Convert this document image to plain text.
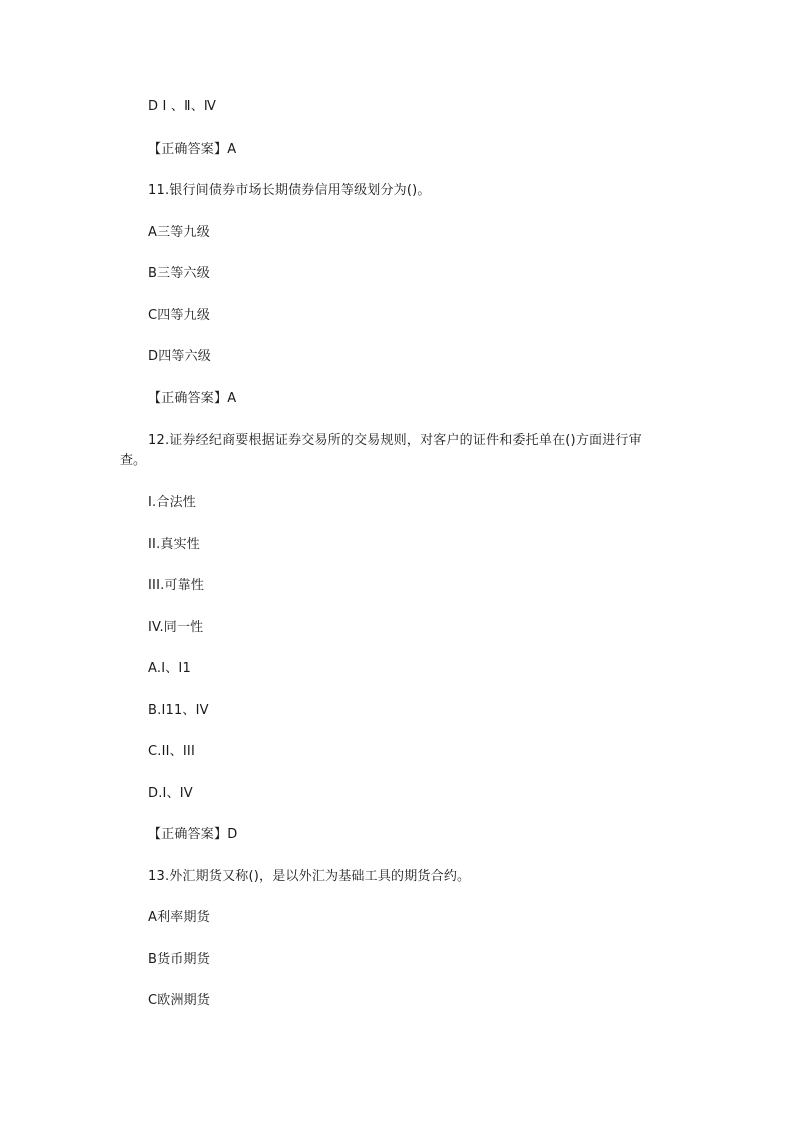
D Ⅰ 、Ⅱ、Ⅳ
【正确答案】A
11.银行间债券市场长期债券信用等级划分为()。
A三等九级
B三等六级
C四等九级
D四等六级
【正确答案】A
12.证券经纪商要根据证券交易所的交易规则，对客户的证件和委托单在()方面进行审
查。
I.合法性
II.真实性
III.可靠性
IV.同一性
A.I、I1
B.I11、IV
C.II、III
D.I、IV
【正确答案】D
13.外汇期货又称()，是以外汇为基础工具的期货合约。
A利率期货
B货币期货
C欧洲期货
